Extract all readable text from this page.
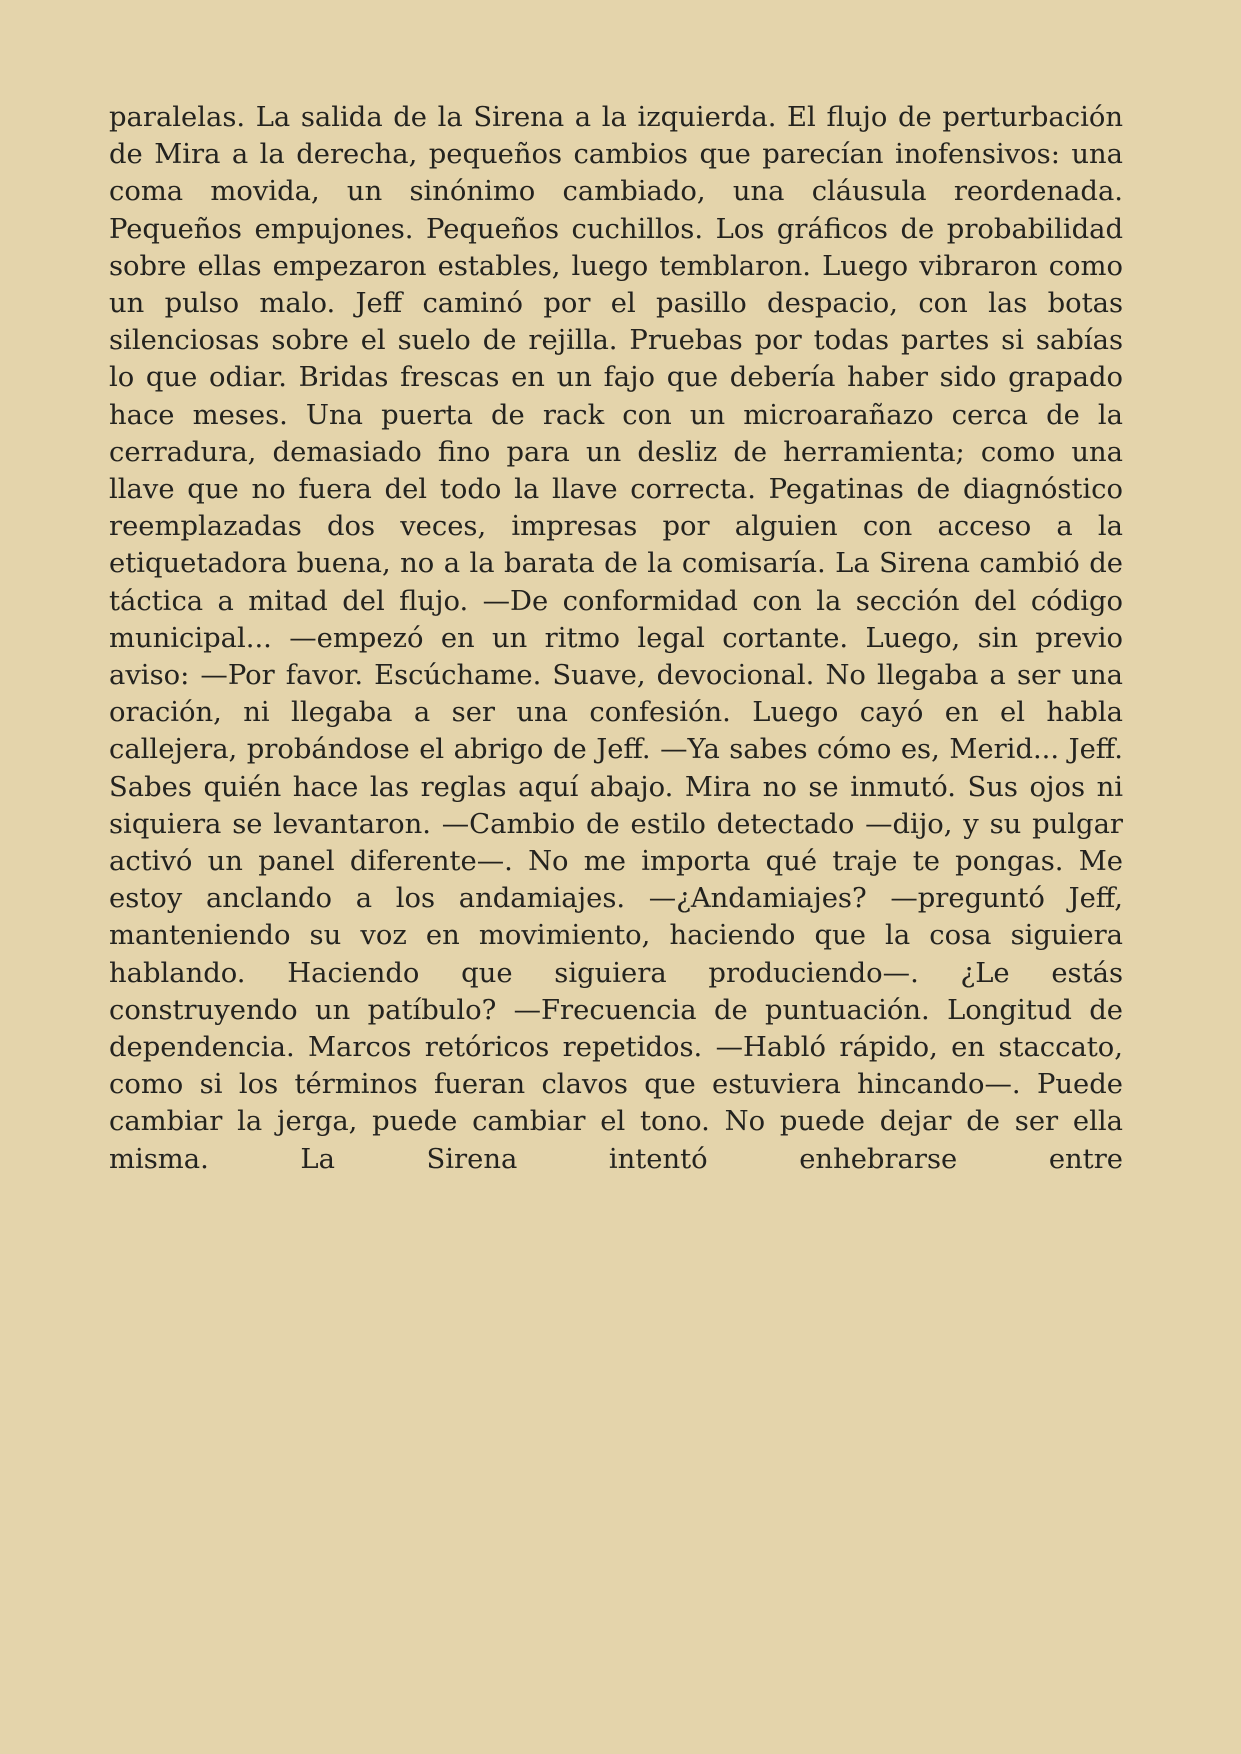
paralelas. La salida de la Sirena a la izquierda. El flujo de perturbación de Mira a la derecha, pequeños cambios que parecían inofensivos: una coma movida, un sinónimo cambiado, una cláusula reordenada. Pequeños empujones. Pequeños cuchillos. Los gráficos de probabilidad sobre ellas empezaron estables, luego temblaron. Luego vibraron como un pulso malo. Jeff caminó por el pasillo despacio, con las botas silenciosas sobre el suelo de rejilla. Pruebas por todas partes si sabías lo que odiar. Bridas frescas en un fajo que debería haber sido grapado hace meses. Una puerta de rack con un microarañazo cerca de la cerradura, demasiado fino para un desliz de herramienta; como una llave que no fuera del todo la llave correcta. Pegatinas de diagnóstico reemplazadas dos veces, impresas por alguien con acceso a la etiquetadora buena, no a la barata de la comisaría. La Sirena cambió de táctica a mitad del flujo. —De conformidad con la sección del código municipal... —empezó en un ritmo legal cortante. Luego, sin previo aviso: —Por favor. Escúchame. Suave, devocional. No llegaba a ser una oración, ni llegaba a ser una confesión. Luego cayó en el habla callejera, probándose el abrigo de Jeff. —Ya sabes cómo es, Merid... Jeff. Sabes quién hace las reglas aquí abajo. Mira no se inmutó. Sus ojos ni siquiera se levantaron. —Cambio de estilo detectado —dijo, y su pulgar activó un panel diferente—. No me importa qué traje te pongas. Me estoy anclando a los andamiajes. —¿Andamiajes? —preguntó Jeff, manteniendo su voz en movimiento, haciendo que la cosa siguiera hablando. Haciendo que siguiera produciendo—. ¿Le estás construyendo un patíbulo? —Frecuencia de puntuación. Longitud de dependencia. Marcos retóricos repetidos. —Habló rápido, en staccato, como si los términos fueran clavos que estuviera hincando—. Puede cambiar la jerga, puede cambiar el tono. No puede dejar de ser ella misma. La Sirena intentó enhebrarse entre
